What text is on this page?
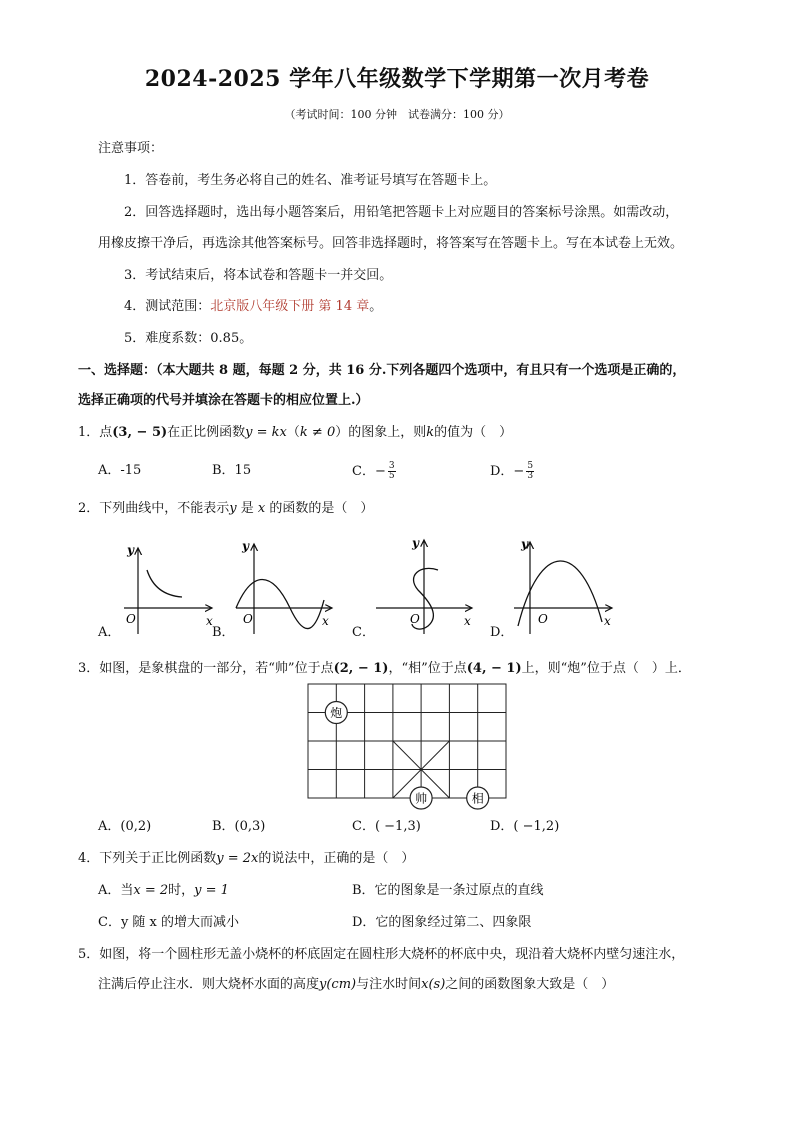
2024-2025 学年八年级数学下学期第一次月考卷
（考试时间：100 分钟　试卷满分：100 分）
注意事项：
1．答卷前，考生务必将自己的姓名、准考证号填写在答题卡上。
2．回答选择题时，选出每小题答案后，用铅笔把答题卡上对应题目的答案标号涂黑。如需改动，
用橡皮擦干净后，再选涂其他答案标号。回答非选择题时，将答案写在答题卡上。写在本试卷上无效。
3．考试结束后，将本试卷和答题卡一并交回。
4．测试范围：北京版八年级下册 第 14 章。
5．难度系数：0.85。
一、选择题：（本大题共 8 题，每题 2 分，共 16 分.下列各题四个选项中，有且只有一个选项是正确的，
选择正确项的代号并填涂在答题卡的相应位置上.）
1．点(3, − 5)在正比例函数y = kx（k ≠ 0）的图象上，则k的值为（　）
A．-15	B．15	C．− $\frac{3}{5}$	D．− $\frac{5}{3}$
2．下列曲线中，不能表示y 是 x 的函数的是（　）
y
O	x
y
O	x
y
O	x
y
O	x
A．	B．	C．	D．
3．如图，是象棋盘的一部分，若“帅”位于点(2, − 1)，“相”位于点(4, − 1)上，则“炮”位于点（　）上．
炮
帅	相
A．(0,2)	B．(0,3)	C．( −1,3)	D．( −1,2)
4．下列关于正比例函数y = 2x的说法中，正确的是（　）
A．当x = 2时，y = 1	B．它的图象是一条过原点的直线
C．y 随 x 的增大而减小	D．它的图象经过第二、四象限
5．如图，将一个圆柱形无盖小烧杯的杯底固定在圆柱形大烧杯的杯底中央，现沿着大烧杯内壁匀速注水，
注满后停止注水．则大烧杯水面的高度y(cm)与注水时间x(s)之间的函数图象大致是（　）
